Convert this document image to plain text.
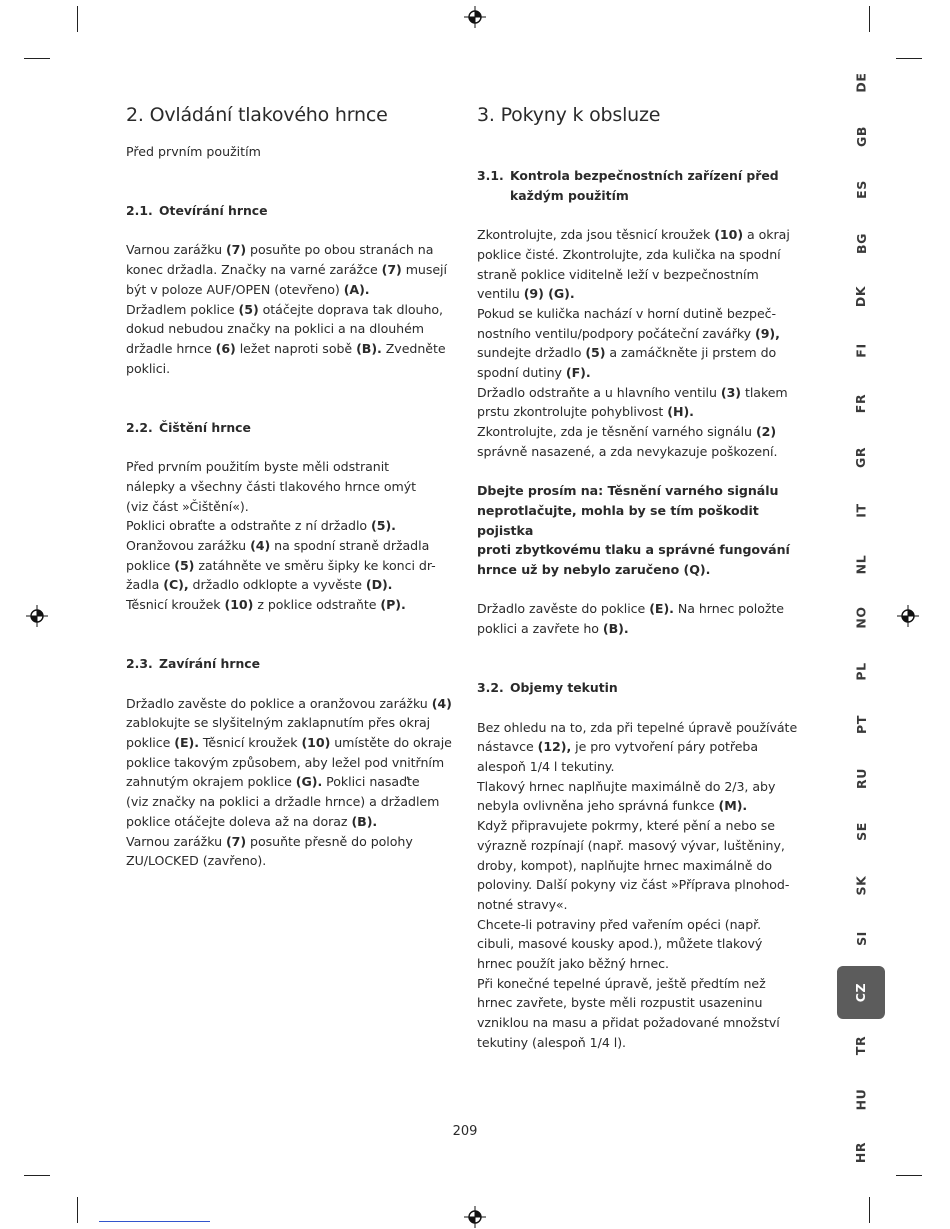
2. Ovládání tlakového hrnce
Před prvním použitím
2.1. Otevírání hrnce

Varnou zarážku (7) posuňte po obou stranách na

konec držadla. Značky na varné zarážce (7) musejí

být v poloze AUF/OPEN (otevřeno) (A).

Držadlem poklice (5) otáčejte doprava tak dlouho,

dokud nebudou značky na poklici a na dlouhém

držadle hrnce (6) ležet naproti sobě (B). Zvedněte

poklici.

2.2. Čištění hrnce

Před prvním použitím byste měli odstranit

nálepky a všechny části tlakového hrnce omýt

(viz část »Čištění«).

Poklici obraťte a odstraňte z ní držadlo (5).

Oranžovou zarážku (4) na spodní straně držadla

poklice (5) zatáhněte ve směru šipky ke konci dr-

žadla (C), držadlo odklopte a vyvěste (D).

Těsnicí kroužek (10) z poklice odstraňte (P).

2.3. Zavírání hrnce

Držadlo zavěste do poklice a oranžovou zarážku (4)

zablokujte se slyšitelným zaklapnutím přes okraj

poklice (E). Těsnicí kroužek (10) umístěte do okraje

poklice takovým způsobem, aby ležel pod vnitřním

zahnutým okrajem poklice (G). Poklici nasaďte

(viz značky na poklici a držadle hrnce) a držadlem

poklice otáčejte doleva až na doraz (B).

Varnou zarážku (7) posuňte přesně do polohy

ZU/LOCKED (zavřeno).

3. Pokyny k obsluze
3.1. Kontrola bezpečnostních zařízení před
každým použitím

Zkontrolujte, zda jsou těsnicí kroužek (10) a okraj

poklice čisté. Zkontrolujte, zda kulička na spodní

straně poklice viditelně leží v bezpečnostním

ventilu (9) (G).

Pokud se kulička nachází v horní dutině bezpeč-

nostního ventilu/podpory počáteční zavářky (9),

sundejte držadlo (5) a zamáčkněte ji prstem do

spodní dutiny (F).

Držadlo odstraňte a u hlavního ventilu (3) tlakem

prstu zkontrolujte pohyblivost (H).

Zkontrolujte, zda je těsnění varného signálu (2)

správně nasazené, a zda nevykazuje poškození.

Dbejte prosím na: Těsnění varného signálu

neprotlačujte, mohla by se tím poškodit pojistka

proti zbytkovému tlaku a správné fungování

hrnce už by nebylo zaručeno (Q).

Držadlo zavěste do poklice (E). Na hrnec položte

poklici a zavřete ho (B).

3.2. Objemy tekutin

Bez ohledu na to, zda při tepelné úpravě používáte

nástavce (12), je pro vytvoření páry potřeba

alespoň 1/4 l tekutiny.

Tlakový hrnec naplňujte maximálně do 2/3, aby

nebyla ovlivněna jeho správná funkce (M).

Když připravujete pokrmy, které pění a nebo se

výrazně rozpínají (např. masový vývar, luštěniny,

droby, kompot), naplňujte hrnec maximálně do

poloviny. Další pokyny viz část »Příprava plnohod-

notné stravy«.

Chcete-li potraviny před vařením opéci (např.

cibuli, masové kousky apod.), můžete tlakový

hrnec použít jako běžný hrnec.

Při konečné tepelné úpravě, ještě předtím než

hrnec zavřete, byste měli rozpustit usazeninu

vzniklou na masu a přidat požadované množství

tekutiny (alespoň 1/4 l).

209
DE
GB
ES
BG
DK
FI
FR
GR
IT
NL
NO
PL
PT
RU
SE
SK
SI
CZ
TR
HU
HR
